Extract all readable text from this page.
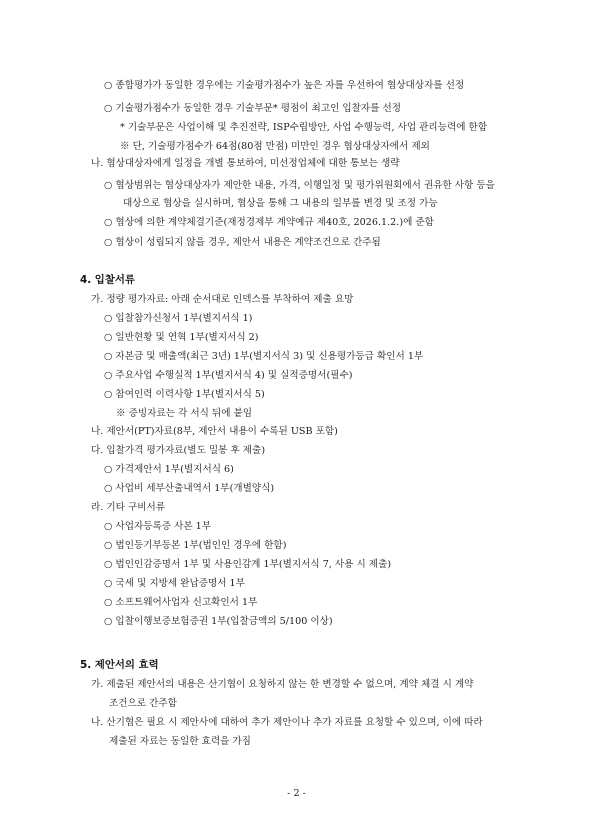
○ 종합평가가 동일한 경우에는 기술평가점수가 높은 자를 우선하여 협상대상자를 선정
○ 기술평가점수가 동일한 경우 기술부문* 평점이 최고인 입찰자를 선정
* 기술부문은 사업이해 및 추진전략, ISP수립방안, 사업 수행능력, 사업 관리능력에 한함
※ 단, 기술평가점수가 64점(80점 만점) 미만인 경우 협상대상자에서 제외
나. 협상대상자에게 일정을 개별 통보하여, 미선정업체에 대한 통보는 생략
○ 협상범위는 협상대상자가 제안한 내용, 가격, 이행일정 및 평가위원회에서 권유한 사항 등을
대상으로 협상을 실시하며, 협상을 통해 그 내용의 일부를 변경 및 조정 가능
○ 협상에 의한 계약체결기준(재정경제부 계약예규 제40호, 2026.1.2.)에 준함
○ 협상이 성립되지 않을 경우, 제안서 내용은 계약조건으로 간주됨
4. 입찰서류
가. 정량 평가자료: 아래 순서대로 인덱스를 부착하여 제출 요망
○ 입찰참가신청서 1부(별지서식 1)
○ 일반현황 및 연혁 1부(별지서식 2)
○ 자본금 및 매출액(최근 3년) 1부(별지서식 3) 및 신용평가등급 확인서 1부
○ 주요사업 수행실적 1부(별지서식 4) 및 실적증명서(필수)
○ 참여인력 이력사항 1부(별지서식 5)
※ 증빙자료는 각 서식 뒤에 붙임
나. 제안서(PT)자료(8부, 제안서 내용이 수록된 USB 포함)
다. 입찰가격 평가자료(별도 밀봉 후 제출)
○ 가격제안서 1부(별지서식 6)
○ 사업비 세부산출내역서 1부(개별양식)
라. 기타 구비서류
○ 사업자등록증 사본 1부
○ 법인등기부등본 1부(법인인 경우에 한함)
○ 법인인감증명서 1부 및 사용인감계 1부(별지서식 7, 사용 시 제출)
○ 국세 및 지방세 완납증명서 1부
○ 소프트웨어사업자 신고확인서 1부
○ 입찰이행보증보험증권 1부(입찰금액의 5/100 이상)
5. 제안서의 효력
가. 제출된 제안서의 내용은 산기협이 요청하지 않는 한 변경할 수 없으며, 계약 체결 시 계약
조건으로 간주함
나. 산기협은 필요 시 제안사에 대하여 추가 제안이나 추가 자료를 요청할 수 있으며, 이에 따라
제출된 자료는 동일한 효력을 가짐
- 2 -
